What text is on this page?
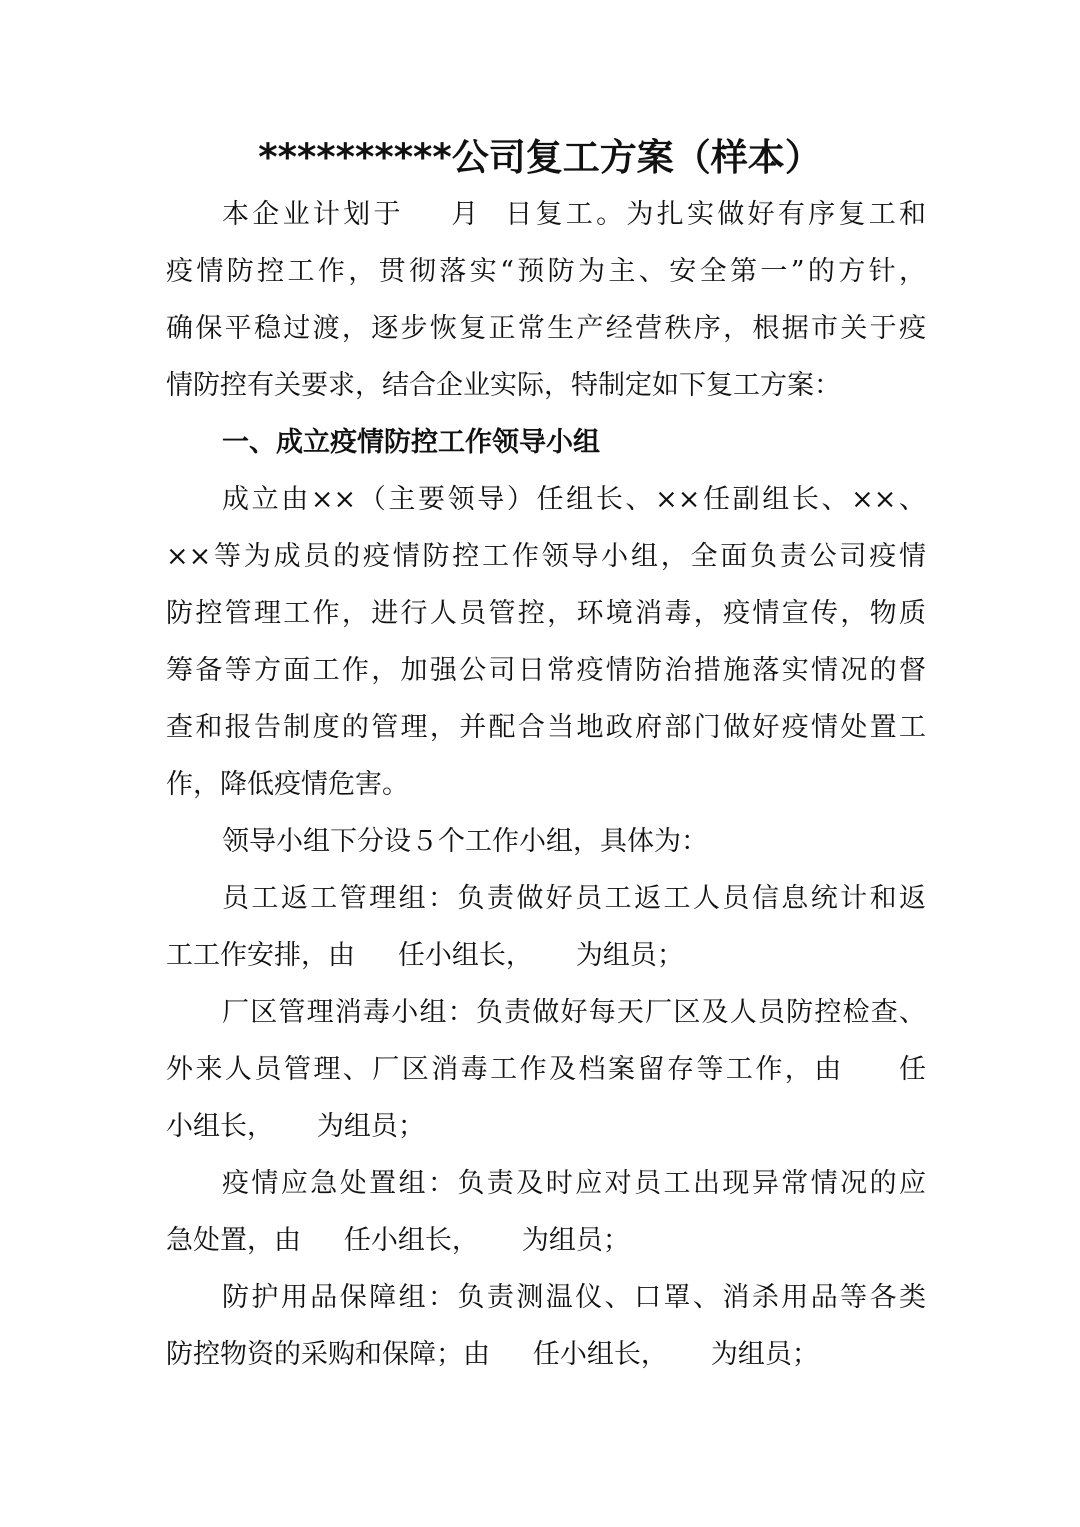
**********公司复工方案（样本）

本企业计划于    月  日复工。为扎实做好有序复工和

疫情防控工作，贯彻落实“预防为主、安全第一”的方针，

确保平稳过渡，逐步恢复正常生产经营秩序，根据市关于疫

情防控有关要求，结合企业实际，特制定如下复工方案：

一、成立疫情防控工作领导小组

成立由××（主要领导）任组长、××任副组长、××、

××等为成员的疫情防控工作领导小组，全面负责公司疫情

防控管理工作，进行人员管控，环境消毒，疫情宣传，物质

筹备等方面工作，加强公司日常疫情防治措施落实情况的督

查和报告制度的管理，并配合当地政府部门做好疫情处置工

作，降低疫情危害。

领导小组下分设５个工作小组，具体为：

员工返工管理组：负责做好员工返工人员信息统计和返

工工作安排，由     任小组长，     为组员；

厂区管理消毒小组：负责做好每天厂区及人员防控检查、

外来人员管理、厂区消毒工作及档案留存等工作，由     任

小组长，     为组员；

疫情应急处置组：负责及时应对员工出现异常情况的应

急处置，由     任小组长，     为组员；

防护用品保障组：负责测温仪、口罩、消杀用品等各类

防控物资的采购和保障；由     任小组长，     为组员；
